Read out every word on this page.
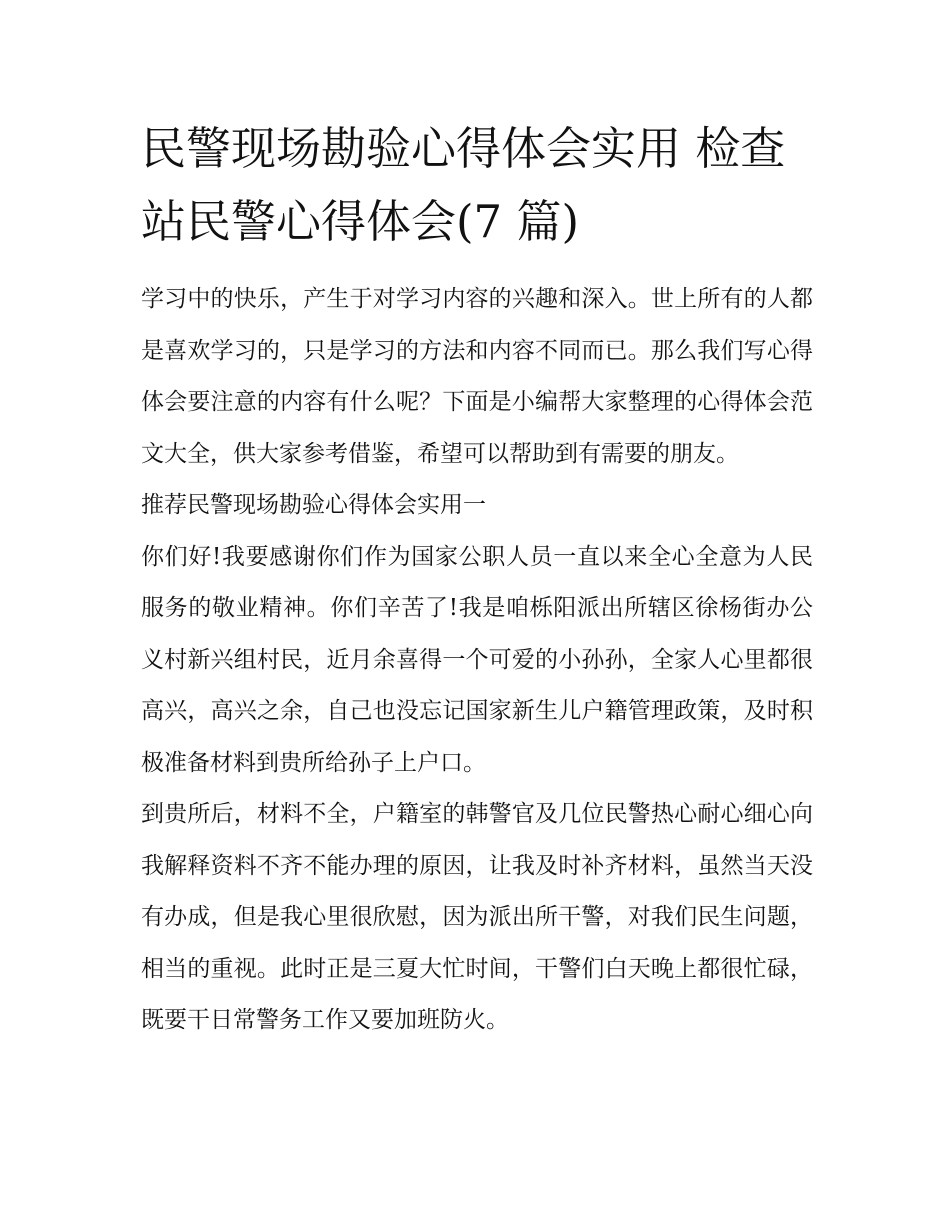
民警现场勘验心得体会实用 检查站民警心得体会(7 篇)

学习中的快乐，产生于对学习内容的兴趣和深入。世上所有的人都是喜欢学习的，只是学习的方法和内容不同而已。那么我们写心得体会要注意的内容有什么呢？下面是小编帮大家整理的心得体会范文大全，供大家参考借鉴，希望可以帮助到有需要的朋友。

推荐民警现场勘验心得体会实用一

你们好!我要感谢你们作为国家公职人员一直以来全心全意为人民服务的敬业精神。你们辛苦了!我是咱栎阳派出所辖区徐杨街办公义村新兴组村民，近月余喜得一个可爱的小孙孙，全家人心里都很高兴，高兴之余，自己也没忘记国家新生儿户籍管理政策，及时积极准备材料到贵所给孙子上户口。

到贵所后，材料不全，户籍室的韩警官及几位民警热心耐心细心向我解释资料不齐不能办理的原因，让我及时补齐材料，虽然当天没有办成，但是我心里很欣慰，因为派出所干警，对我们民生问题，相当的重视。此时正是三夏大忙时间，干警们白天晚上都很忙碌，既要干日常警务工作又要加班防火。
